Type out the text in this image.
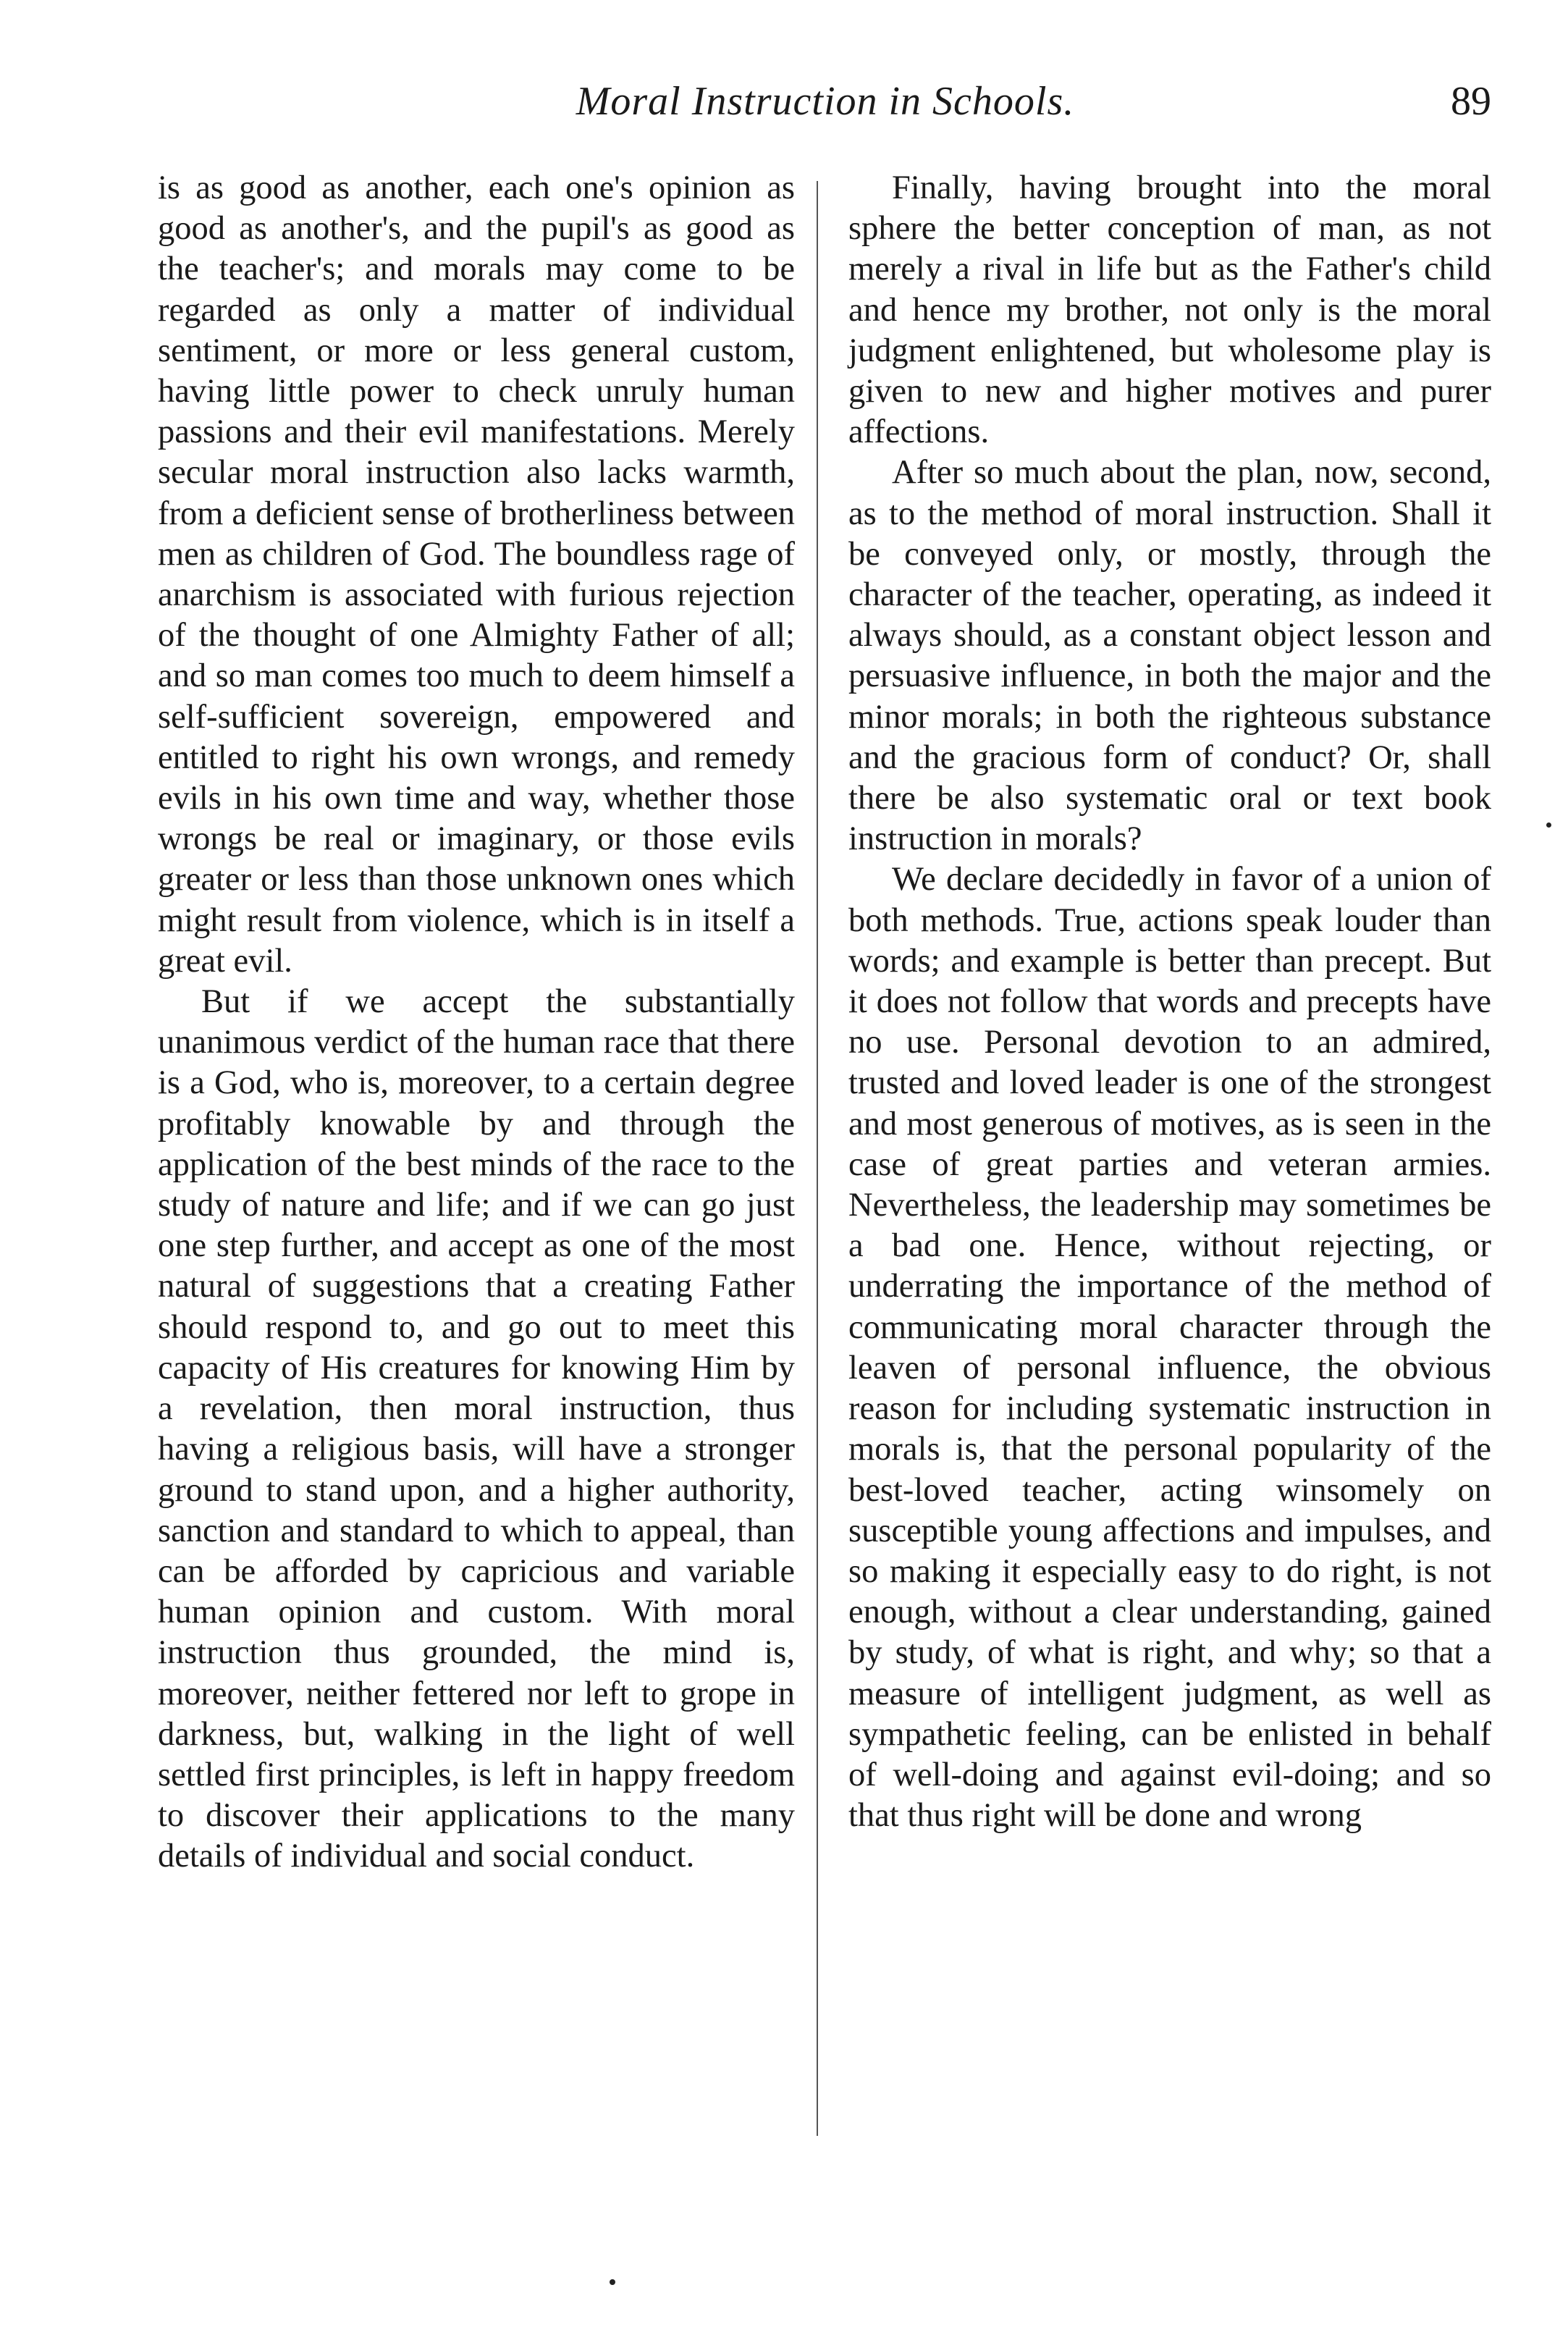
Moral Instruction in Schools.	89

is as good as another, each one's opinion as good as another's, and the pupil's as good as the teacher's; and morals may come to be regarded as only a matter of individual sentiment, or more or less general custom, having little power to check unruly human passions and their evil manifestations. Merely secular moral instruction also lacks warmth, from a deficient sense of brotherliness between men as children of God. The boundless rage of anarchism is associated with furious rejection of the thought of one Almighty Father of all; and so man comes too much to deem himself a self-sufficient sovereign, empowered and entitled to right his own wrongs, and remedy evils in his own time and way, whether those wrongs be real or imaginary, or those evils greater or less than those unknown ones which might result from violence, which is in itself a great evil.

But if we accept the substantially unanimous verdict of the human race that there is a God, who is, moreover, to a certain degree profitably knowable by and through the application of the best minds of the race to the study of nature and life; and if we can go just one step further, and accept as one of the most natural of suggestions that a creating Father should respond to, and go out to meet this capacity of His creatures for knowing Him by a revelation, then moral instruction, thus having a religious basis, will have a stronger ground to stand upon, and a higher authority, sanction and standard to which to appeal, than can be afforded by capricious and variable human opinion and custom. With moral instruction thus grounded, the mind is, moreover, neither fettered nor left to grope in darkness, but, walking in the light of well settled first principles, is left in happy freedom to discover their applications to the many details of individual and social conduct.

Finally, having brought into the moral sphere the better conception of man, as not merely a rival in life but as the Father's child and hence my brother, not only is the moral judgment enlightened, but wholesome play is given to new and higher motives and purer affections.

After so much about the plan, now, second, as to the method of moral instruction. Shall it be conveyed only, or mostly, through the character of the teacher, operating, as indeed it always should, as a constant object lesson and persuasive influence, in both the major and the minor morals; in both the righteous substance and the gracious form of conduct? Or, shall there be also systematic oral or text book instruction in morals?

We declare decidedly in favor of a union of both methods. True, actions speak louder than words; and example is better than precept. But it does not follow that words and precepts have no use. Personal devotion to an admired, trusted and loved leader is one of the strongest and most generous of motives, as is seen in the case of great parties and veteran armies. Nevertheless, the leadership may sometimes be a bad one. Hence, without rejecting, or underrating the importance of the method of communicating moral character through the leaven of personal influence, the obvious reason for including systematic instruction in morals is, that the personal popularity of the best-loved teacher, acting winsomely on susceptible young affections and impulses, and so making it especially easy to do right, is not enough, without a clear understanding, gained by study, of what is right, and why; so that a measure of intelligent judgment, as well as sympathetic feeling, can be enlisted in behalf of well-doing and against evil-doing; and so that thus right will be done and wrong
